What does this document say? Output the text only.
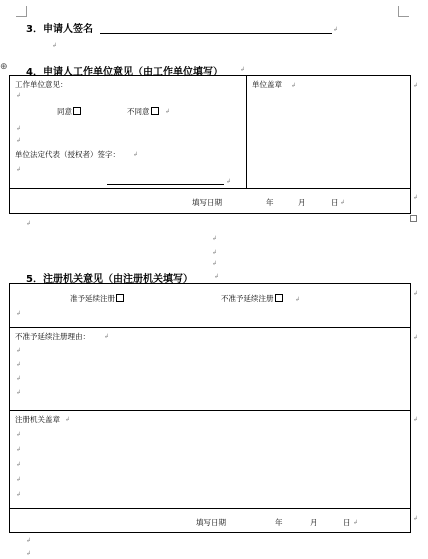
3．申请人签名	↲
↲
⊕ 4．申请人工作单位意见（由工作单位填写）	↲
工作单位意见：
↲
同意	不同意	↲
↲
↲
单位法定代表（授权者）签字： ↲
↲
↲
单位盖章 ↲
填写日期	年	月	日 ↲
↲
↲
↲
↲
↲
↲
5．注册机关意见（由注册机关填写）	↲
准予延续注册	不准予延续注册	↲
↲
不准予延续注册理由： ↲
↲
↲
↲
↲
注册机关盖章 ↲
↲
↲
↲
↲
↲
填写日期	年	月	日 ↲
↲
↲
↲
↲
↲
↲
